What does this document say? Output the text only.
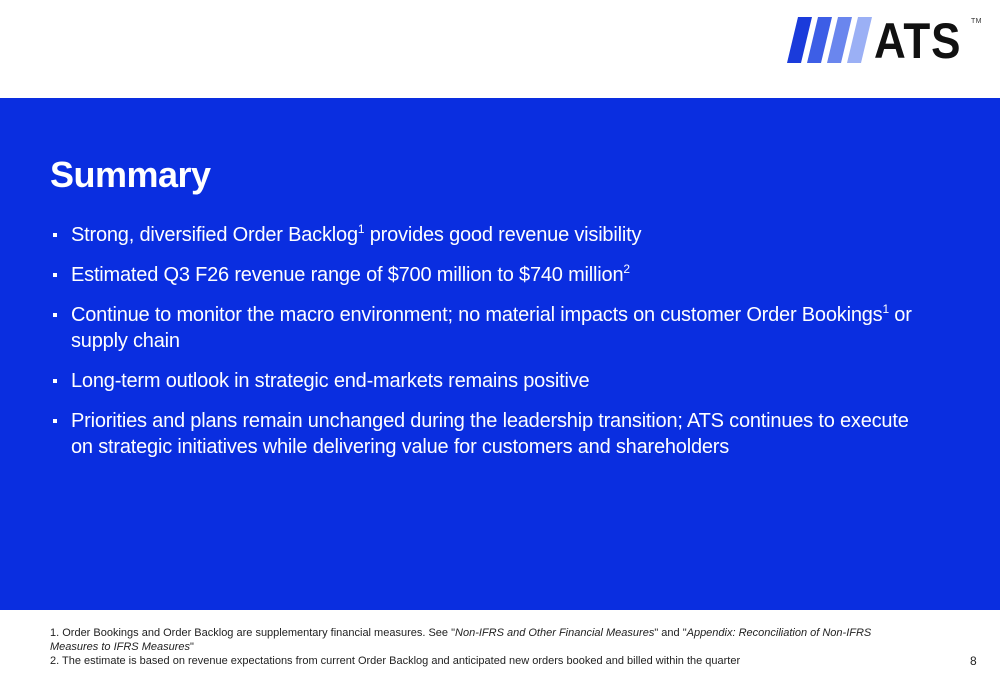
ATS TM
Summary
Strong, diversified Order Backlog$^1$ provides good revenue visibility
Estimated Q3 F26 revenue range of $700 million to $740 million$^2$
Continue to monitor the macro environment; no material impacts on customer Order Bookings$^1$ or supply chain
Long-term outlook in strategic end-markets remains positive
Priorities and plans remain unchanged during the leadership transition; ATS continues to execute on strategic initiatives while delivering value for customers and shareholders

1. Order Bookings and Order Backlog are supplementary financial measures. See "Non-IFRS and Other Financial Measures" and "Appendix: Reconciliation of Non-IFRS Measures to IFRS Measures"

2. The estimate is based on revenue expectations from current Order Backlog and anticipated new orders booked and billed within the quarter	8
